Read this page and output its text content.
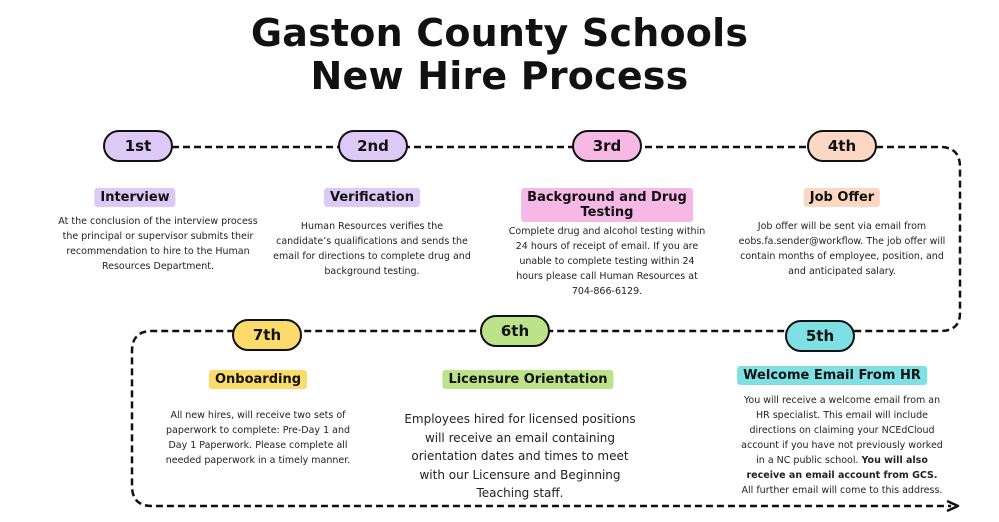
Gaston County Schools
New Hire Process
1st
Interview
At the conclusion of the interview process the principal or supervisor submits their recommendation to hire to the Human Resources Department.
2nd
Verification
Human Resources verifies the candidate’s qualifications and sends the email for directions to complete drug and background testing.
3rd
Background and Drug
Testing
Complete drug and alcohol testing within 24 hours of receipt of email. If you are unable to complete testing within 24 hours please call Human Resources at 704-866-6129.
4th
Job Offer
Job offer will be sent via email from eobs.fa.sender@workflow. The job offer will contain months of employee, position, and and anticipated salary.
5th
Welcome Email From HR
You will receive a welcome email from an HR specialist. This email will include directions on claiming your NCEdCloud account if you have not previously worked in a NC public school. You will also receive an email account from GCS. All further email will come to this address.
6th
Licensure Orientation
Employees hired for licensed positions will receive an email containing orientation dates and times to meet with our Licensure and Beginning Teaching staff.
7th
Onboarding
All new hires, will receive two sets of paperwork to complete: Pre-Day 1 and Day 1 Paperwork. Please complete all needed paperwork in a timely manner.
